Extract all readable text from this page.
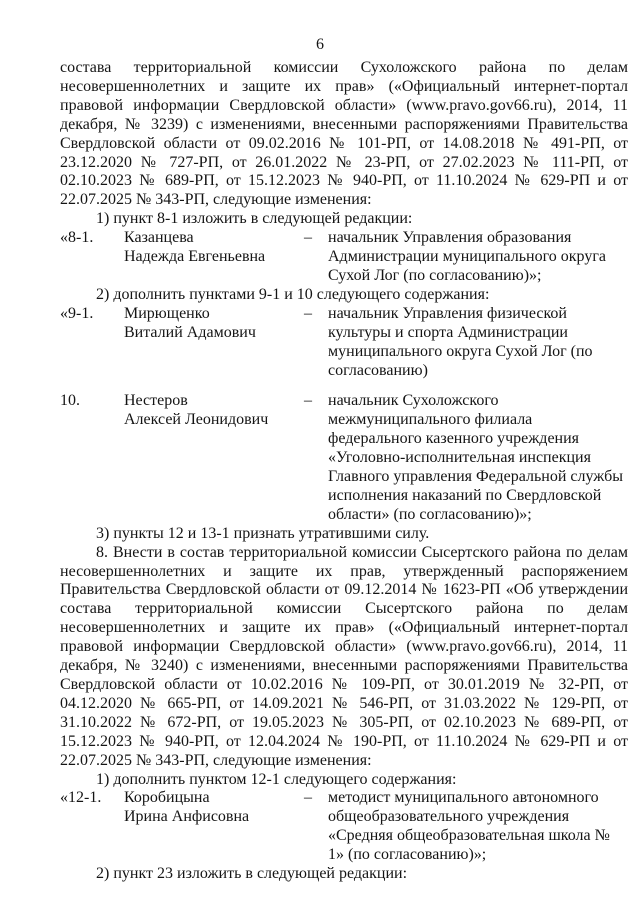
6

состава территориальной комиссии Сухоложского района по делам несовершеннолетних и защите их прав» («Официальный интернет-портал правовой информации Свердловской области» (www.pravo.gov66.ru), 2014, 11 декабря, № 3239) с изменениями, внесенными распоряжениями Правительства Свердловской области от 09.02.2016 № 101-РП, от 14.08.2018 № 491-РП, от 23.12.2020 № 727-РП, от 26.01.2022 № 23-РП, от 27.02.2023 № 111-РП, от 02.10.2023 № 689-РП, от 15.12.2023 № 940-РП, от 11.10.2024 № 629-РП и от 22.07.2025 № 343-РП, следующие изменения:

1) пункт 8-1 изложить в следующей редакции:

«8-1.	Казанцева
Надежда Евгеньевна
–	начальник Управления образования Администрации муниципального округа Сухой Лог (по согласованию)»;

2) дополнить пунктами 9-1 и 10 следующего содержания:

«9-1.	Мирющенко
Виталий Адамович
–	начальник Управления физической культуры и спорта Администрации муниципального округа Сухой Лог (по согласованию)
10.	Нестеров
Алексей Леонидович
–	начальник Сухоложского межмуниципального филиала федерального казенного учреждения «Уголовно-исполнительная инспекция Главного управления Федеральной службы исполнения наказаний по Свердловской области» (по согласованию)»;

3) пункты 12 и 13-1 признать утратившими силу.

8. Внести в состав территориальной комиссии Сысертского района по делам несовершеннолетних и защите их прав, утвержденный распоряжением Правительства Свердловской области от 09.12.2014 № 1623-РП «Об утверждении состава территориальной комиссии Сысертского района по делам несовершеннолетних и защите их прав» («Официальный интернет-портал правовой информации Свердловской области» (www.pravo.gov66.ru), 2014, 11 декабря, № 3240) с изменениями, внесенными распоряжениями Правительства Свердловской области от 10.02.2016 № 109-РП, от 30.01.2019 № 32-РП, от 04.12.2020 № 665-РП, от 14.09.2021 № 546-РП, от 31.03.2022 № 129-РП, от 31.10.2022 № 672-РП, от 19.05.2023 № 305-РП, от 02.10.2023 № 689-РП, от 15.12.2023 № 940-РП, от 12.04.2024 № 190-РП, от 11.10.2024 № 629-РП и от 22.07.2025 № 343-РП, следующие изменения:

1) дополнить пунктом 12-1 следующего содержания:

«12-1.	Коробицына
Ирина Анфисовна
–	методист муниципального автономного общеобразовательного учреждения «Средняя общеобразовательная школа № 1» (по согласованию)»;

2) пункт 23 изложить в следующей редакции:
